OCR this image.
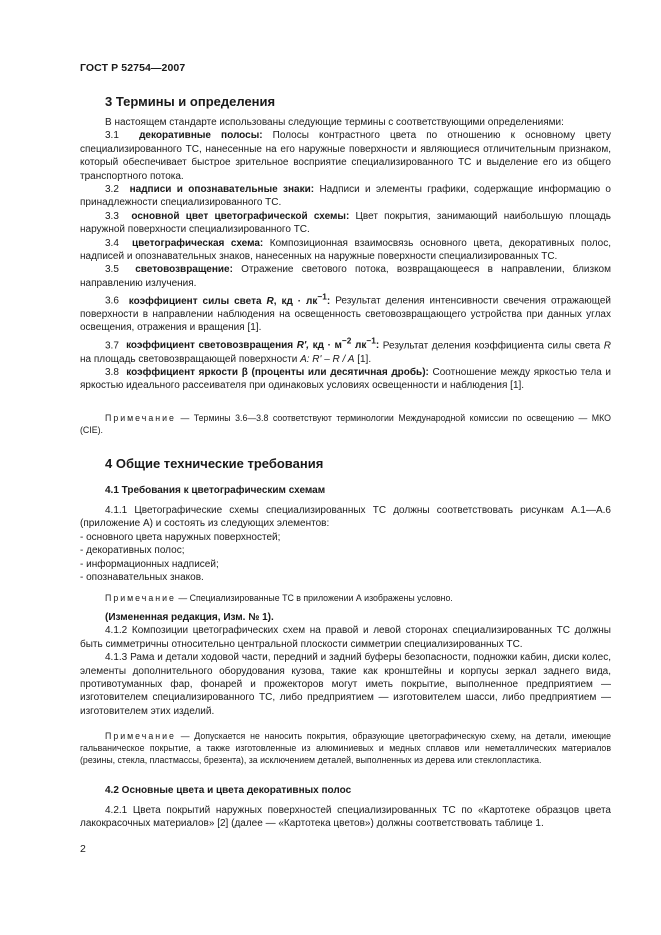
ГОСТ Р 52754—2007
3 Термины и определения

В настоящем стандарте использованы следующие термины с соответствующими определениями:

3.1 декоративные полосы: Полосы контрастного цвета по отношению к основному цвету специализированного ТС, нанесенные на его наружные поверхности и являющиеся отличительным признаком, который обеспечивает быстрое зрительное восприятие специализированного ТС и выделение его из общего транспортного потока.

3.2 надписи и опознавательные знаки: Надписи и элементы графики, содержащие информацию о принадлежности специализированного ТС.

3.3 основной цвет цветографической схемы: Цвет покрытия, занимающий наибольшую площадь наружной поверхности специализированного ТС.

3.4 цветографическая схема: Композиционная взаимосвязь основного цвета, декоративных полос, надписей и опознавательных знаков, нанесенных на наружные поверхности специализированных ТС.

3.5 световозвращение: Отражение светового потока, возвращающееся в направлении, близком направлению излучения.

3.6 коэффициент силы света R, кд · $лк^{-1}$: Результат деления интенсивности свечения отражающей поверхности в направлении наблюдения на освещенность световозвращающего устройства при данных углах освещения, отражения и вращения [1].

3.7 коэффициент световозвращения R', кд · $м^{-2}$ $лк^{-1}$: Результат деления коэффициента силы света R на площадь световозвращающей поверхности A: R' – R / A [1].

3.8 коэффициент яркости β (проценты или десятичная дробь): Соотношение между яркостью тела и яркостью идеального рассеивателя при одинаковых условиях освещенности и наблюдения [1].

Примечание — Термины 3.6—3.8 соответствуют терминологии Международной комиссии по освещению — МКО (CIE).

4 Общие технические требования
4.1 Требования к цветографическим схемам

4.1.1 Цветографические схемы специализированных ТС должны соответствовать рисункам А.1—А.6 (приложение А) и состоять из следующих элементов:

- основного цвета наружных поверхностей;

- декоративных полос;

- информационных надписей;

- опознавательных знаков.

Примечание — Специализированные ТС в приложении А изображены условно.

(Измененная редакция, Изм. № 1).

4.1.2 Композиции цветографических схем на правой и левой сторонах специализированных ТС должны быть симметричны относительно центральной плоскости симметрии специализированных ТС.

4.1.3 Рама и детали ходовой части, передний и задний буферы безопасности, подножки кабин, диски колес, элементы дополнительного оборудования кузова, такие как кронштейны и корпусы зеркал заднего вида, противотуманных фар, фонарей и прожекторов могут иметь покрытие, выполненное предприятием — изготовителем специализированного ТС, либо предприятием — изготовителем шасси, либо предприятием — изготовителем этих изделий.

Примечание — Допускается не наносить покрытия, образующие цветографическую схему, на детали, имеющие гальваническое покрытие, а также изготовленные из алюминиевых и медных сплавов или неметаллических материалов (резины, стекла, пластмассы, брезента), за исключением деталей, выполненных из дерева или стеклопластика.

4.2 Основные цвета и цвета декоративных полос

4.2.1 Цвета покрытий наружных поверхностей специализированных ТС по «Картотеке образцов цвета лакокрасочных материалов» [2] (далее — «Картотека цветов») должны соответствовать таблице 1.

2
